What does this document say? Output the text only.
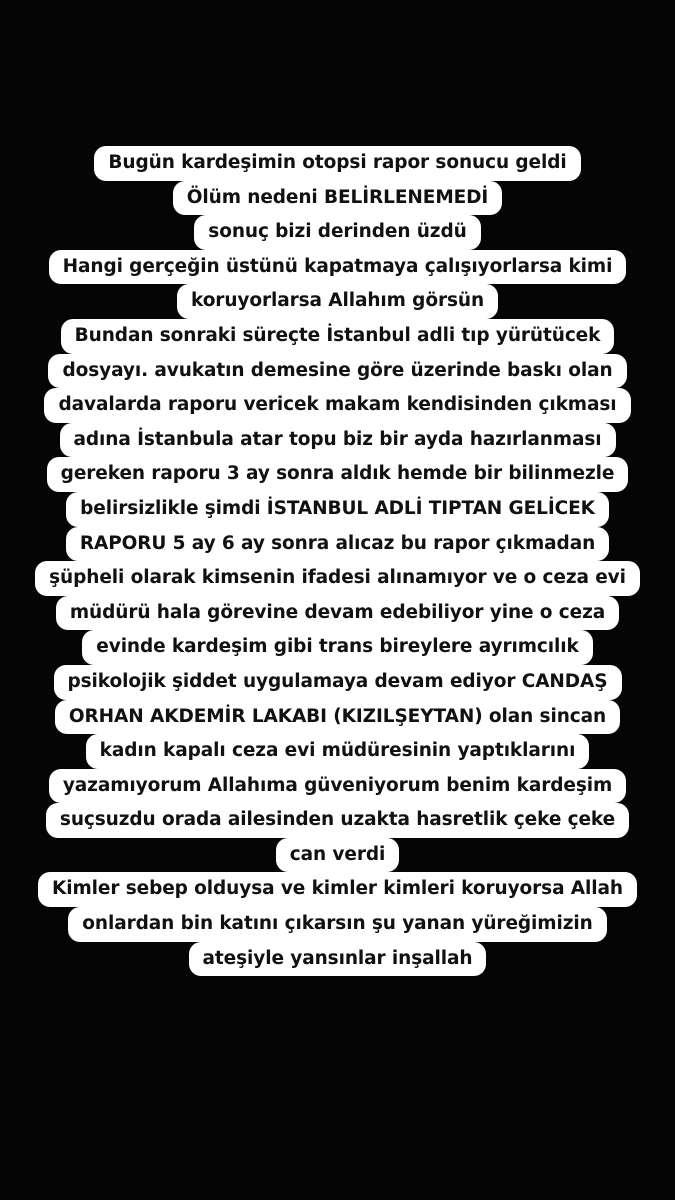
Bugün kardeşimin otopsi rapor sonucu geldi
Ölüm nedeni BELİRLENEMEDİ
sonuç bizi derinden üzdü
Hangi gerçeğin üstünü kapatmaya çalışıyorlarsa kimi
koruyorlarsa Allahım görsün
Bundan sonraki süreçte İstanbul adli tıp yürütücek
dosyayı. avukatın demesine göre üzerinde baskı olan
davalarda raporu vericek makam kendisinden çıkması
adına İstanbula atar topu biz bir ayda hazırlanması
gereken raporu 3 ay sonra aldık hemde bir bilinmezle
belirsizlikle şimdi İSTANBUL ADLİ TIPTAN GELİCEK
RAPORU 5 ay 6 ay sonra alıcaz bu rapor çıkmadan
şüpheli olarak kimsenin ifadesi alınamıyor ve o ceza evi
müdürü hala görevine devam edebiliyor yine o ceza
evinde kardeşim gibi trans bireylere ayrımcılık
psikolojik şiddet uygulamaya devam ediyor CANDAŞ
ORHAN AKDEMİR LAKABI (KIZILŞEYTAN) olan sincan
kadın kapalı ceza evi müdüresinin yaptıklarını
yazamıyorum Allahıma güveniyorum benim kardeşim
suçsuzdu orada ailesinden uzakta hasretlik çeke çeke
can verdi
Kimler sebep olduysa ve kimler kimleri koruyorsa Allah
onlardan bin katını çıkarsın şu yanan yüreğimizin
ateşiyle yansınlar inşallah
